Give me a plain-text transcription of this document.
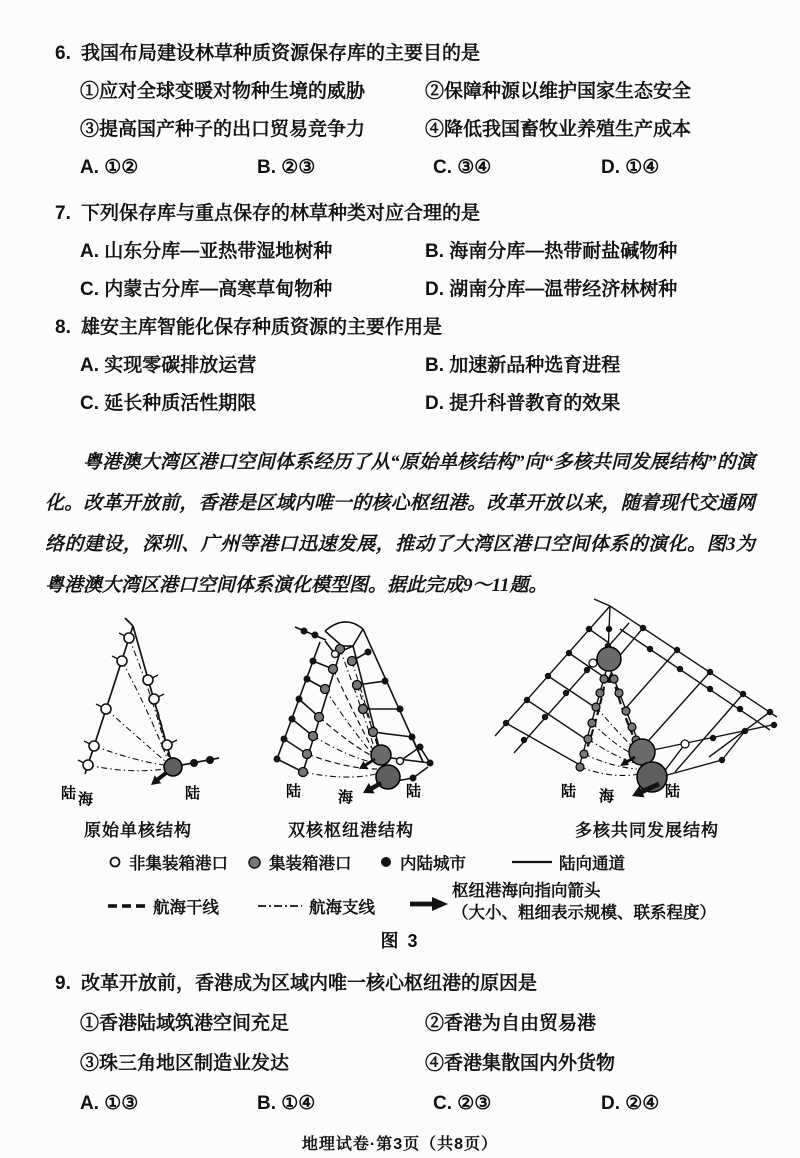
6. 我国布局建设林草种质资源保存库的主要目的是
①应对全球变暖对物种生境的威胁	②保障种源以维护国家生态安全
③提高国产种子的出口贸易竞争力	④降低我国畜牧业养殖生产成本
A. ①②	B. ②③	C. ③④	D. ①④
7. 下列保存库与重点保存的林草种类对应合理的是
A. 山东分库—亚热带湿地树种	B. 海南分库—热带耐盐碱物种
C. 内蒙古分库—高寒草甸物种	D. 湖南分库—温带经济林树种
8. 雄安主库智能化保存种质资源的主要作用是
A. 实现零碳排放运营	B. 加速新品种选育进程
C. 延长种质活性期限	D. 提升科普教育的效果
粤港澳大湾区港口空间体系经历了从“原始单核结构”向“多核共同发展结构”的演化。改革开放前，香港是区域内唯一的核心枢纽港。改革开放以来，随着现代交通网络的建设，深圳、广州等港口迅速发展，推动了大湾区港口空间体系的演化。图3为粤港澳大湾区港口空间体系演化模型图。据此完成9～11题。
陆 海	陆	陆 海	陆	陆 海	陆
原始单核结构	双核枢纽港结构	多核共同发展结构
非集装箱港口 集装箱港口	内陆城市	陆向通道
航海干线	航海支线
枢纽港海向指向箭头
（大小、粗细表示规模、联系程度）
图 3
9. 改革开放前，香港成为区域内唯一核心枢纽港的原因是
①香港陆域筑港空间充足	②香港为自由贸易港
③珠三角地区制造业发达	④香港集散国内外货物
A. ①③	B. ①④	C. ②③	D. ②④
地理试卷·第3页（共8页）
